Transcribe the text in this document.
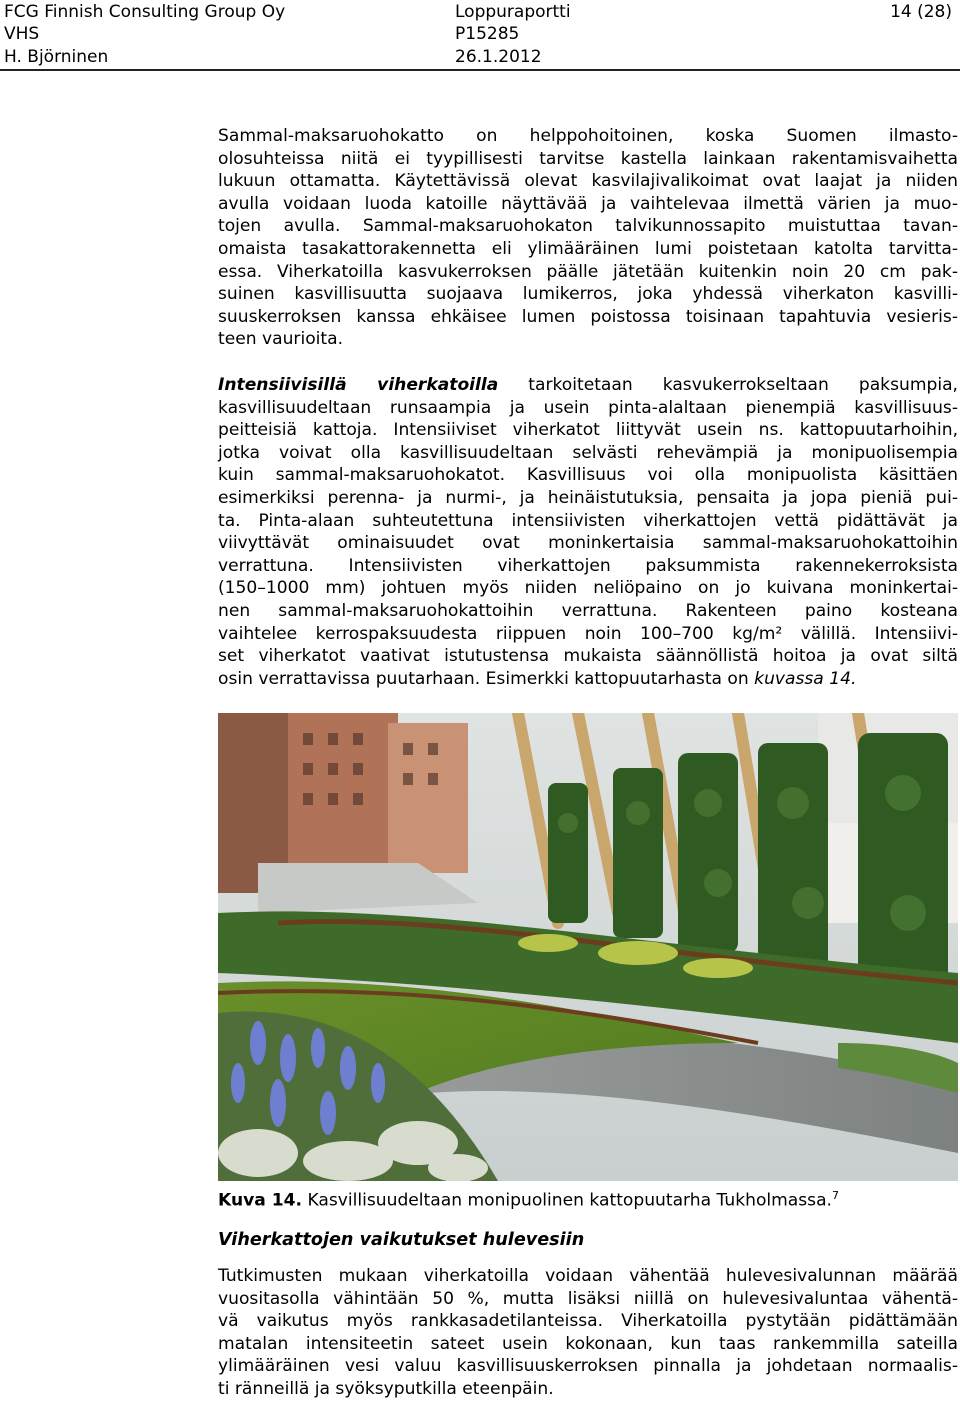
FCG Finnish Consulting Group Oy
VHS
H. Björninen
Loppuraportti
P15285
26.1.2012
14 (28)
Sammal-maksaruohokatto on helppohoitoinen, koska Suomen ilmasto-
olosuhteissa niitä ei tyypillisesti tarvitse kastella lainkaan rakentamisvaihetta
lukuun ottamatta. Käytettävissä olevat kasvilajivalikoimat ovat laajat ja niiden
avulla voidaan luoda katoille näyttävää ja vaihtelevaa ilmettä värien ja muo-
tojen avulla. Sammal-maksaruohokaton talvikunnossapito muistuttaa tavan-
omaista tasakattorakennetta eli ylimääräinen lumi poistetaan katolta tarvitta-
essa. Viherkatoilla kasvukerroksen päälle jätetään kuitenkin noin 20 cm pak-
suinen kasvillisuutta suojaava lumikerros, joka yhdessä viherkaton kasvilli-
suuskerroksen kanssa ehkäisee lumen poistossa toisinaan tapahtuvia vesieris-
teen vaurioita.
Intensiivisillä viherkatoilla tarkoitetaan kasvukerrokseltaan paksumpia,
kasvillisuudeltaan runsaampia ja usein pinta-alaltaan pienempiä kasvillisuus-
peitteisiä kattoja. Intensiiviset viherkatot liittyvät usein ns. kattopuutarhoihin,
jotka voivat olla kasvillisuudeltaan selvästi rehevämpiä ja monipuolisempia
kuin sammal-maksaruohokatot. Kasvillisuus voi olla monipuolista käsittäen
esimerkiksi perenna- ja nurmi-, ja heinäistutuksia, pensaita ja jopa pieniä pui-
ta. Pinta-alaan suhteutettuna intensiivisten viherkattojen vettä pidättävät ja
viivyttävät ominaisuudet ovat moninkertaisia sammal-maksaruohokattoihin
verrattuna. Intensiivisten viherkattojen paksummista rakennekerroksista
(150–1000 mm) johtuen myös niiden neliöpaino on jo kuivana moninkertai-
nen sammal-maksaruohokattoihin verrattuna. Rakenteen paino kosteana
vaihtelee kerrospaksuudesta riippuen noin 100–700 kg/m² välillä. Intensiivi-
set viherkatot vaativat istutustensa mukaista säännöllistä hoitoa ja ovat siltä
osin verrattavissa puutarhaan. Esimerkki kattopuutarhasta on kuvassa 14.
Kuva 14. Kasvillisuudeltaan monipuolinen kattopuutarha Tukholmassa.$^7$
Viherkattojen vaikutukset hulevesiin
Tutkimusten mukaan viherkatoilla voidaan vähentää hulevesivalunnan määrää
vuositasolla vähintään 50 %, mutta lisäksi niillä on hulevesivaluntaa vähentä-
vä vaikutus myös rankkasadetilanteissa. Viherkatoilla pystytään pidättämään
matalan intensiteetin sateet usein kokonaan, kun taas rankemmilla sateilla
ylimääräinen vesi valuu kasvillisuuskerroksen pinnalla ja johdetaan normaalis-
ti ränneillä ja syöksyputkilla eteenpäin.
